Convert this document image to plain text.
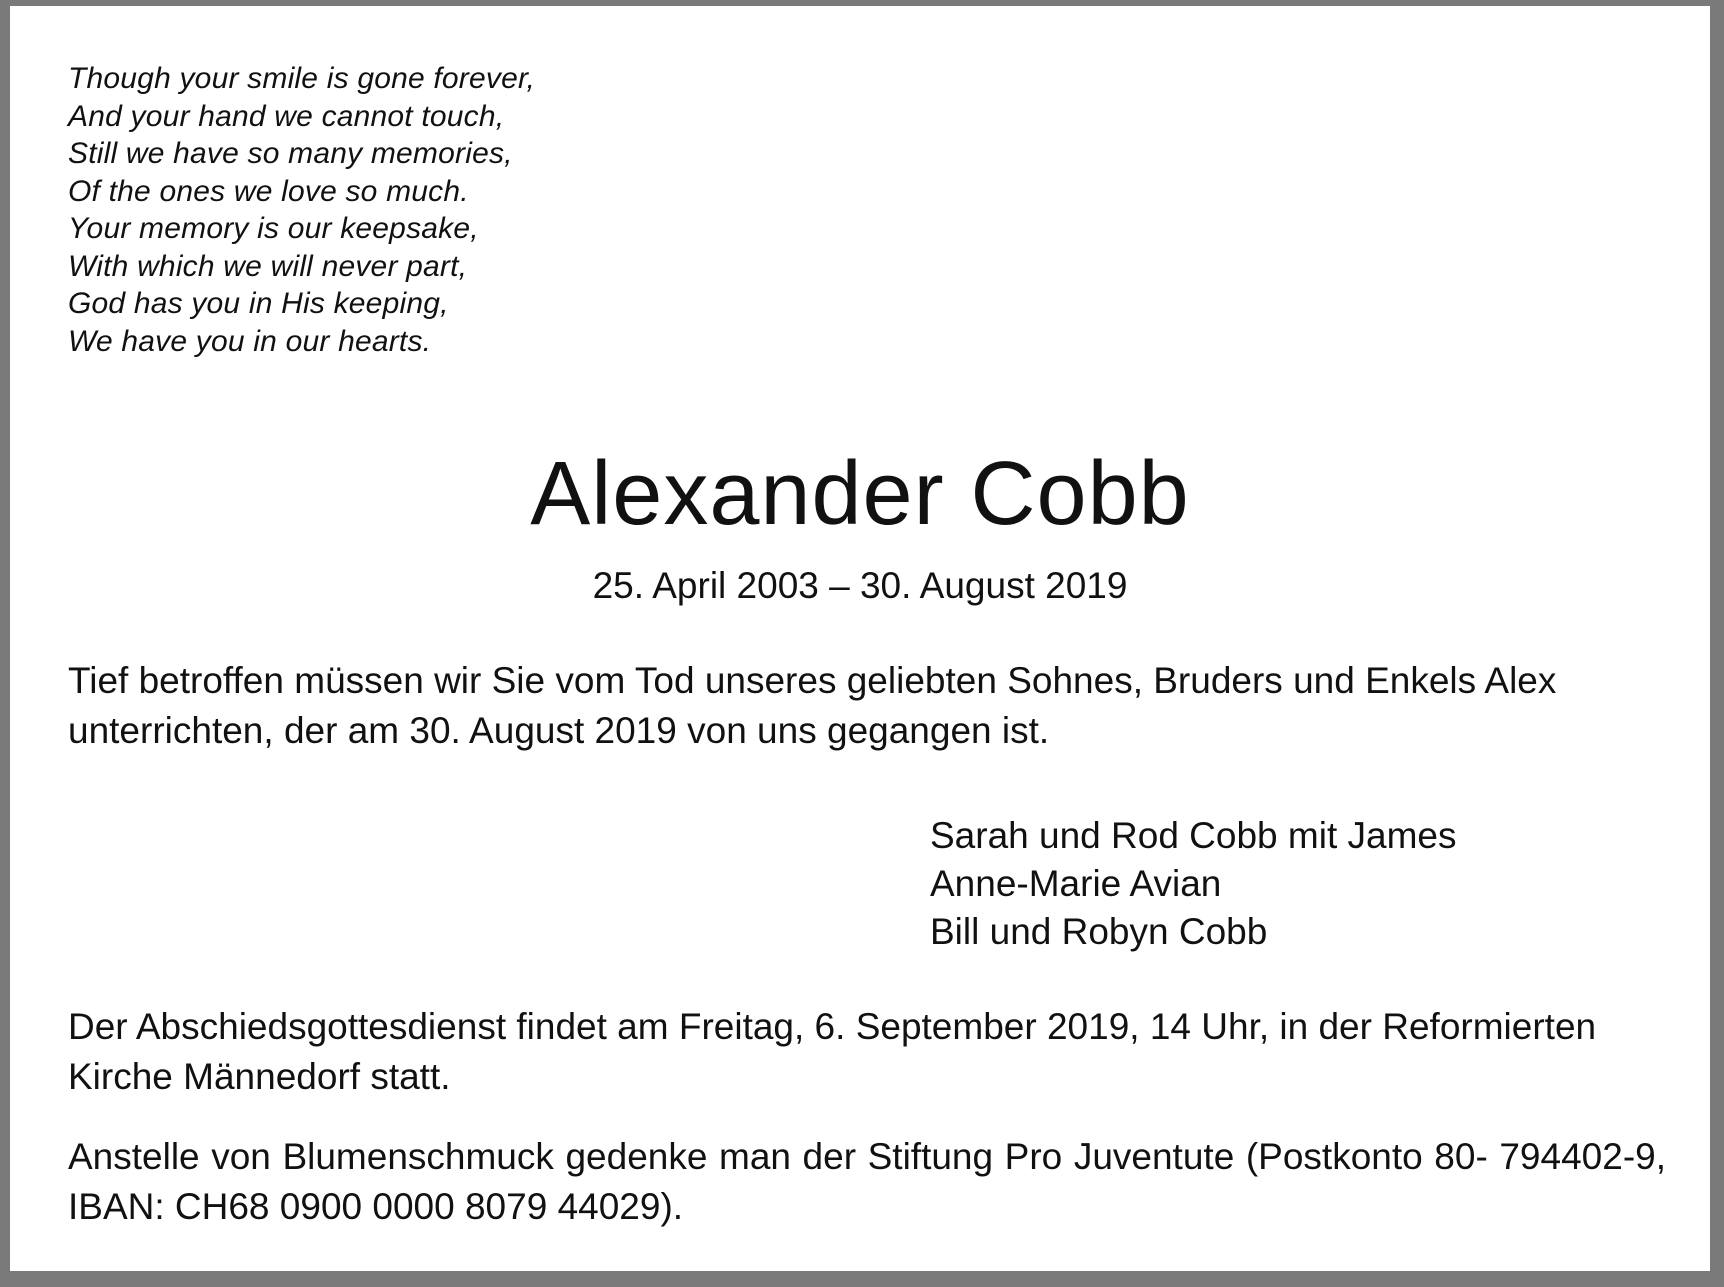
Though your smile is gone forever,
And your hand we cannot touch,
Still we have so many memories,
Of the ones we love so much.
Your memory is our keepsake,
With which we will never part,
God has you in His keeping,
We have you in our hearts.
Alexander Cobb
25. April 2003 – 30. August 2019
Tief betroffen müssen wir Sie vom Tod unseres geliebten Sohnes, Bruders und Enkels Alex unterrichten, der am 30. August 2019 von uns gegangen ist.
Sarah und Rod Cobb mit James
Anne-Marie Avian
Bill und Robyn Cobb
Der Abschiedsgottesdienst findet am Freitag, 6. September 2019, 14 Uhr, in der Reformierten Kirche Männedorf statt.
Anstelle von Blumenschmuck gedenke man der Stiftung Pro Juventute (Postkonto 80- 794402-9, IBAN: CH68 0900 0000 8079 44029).
